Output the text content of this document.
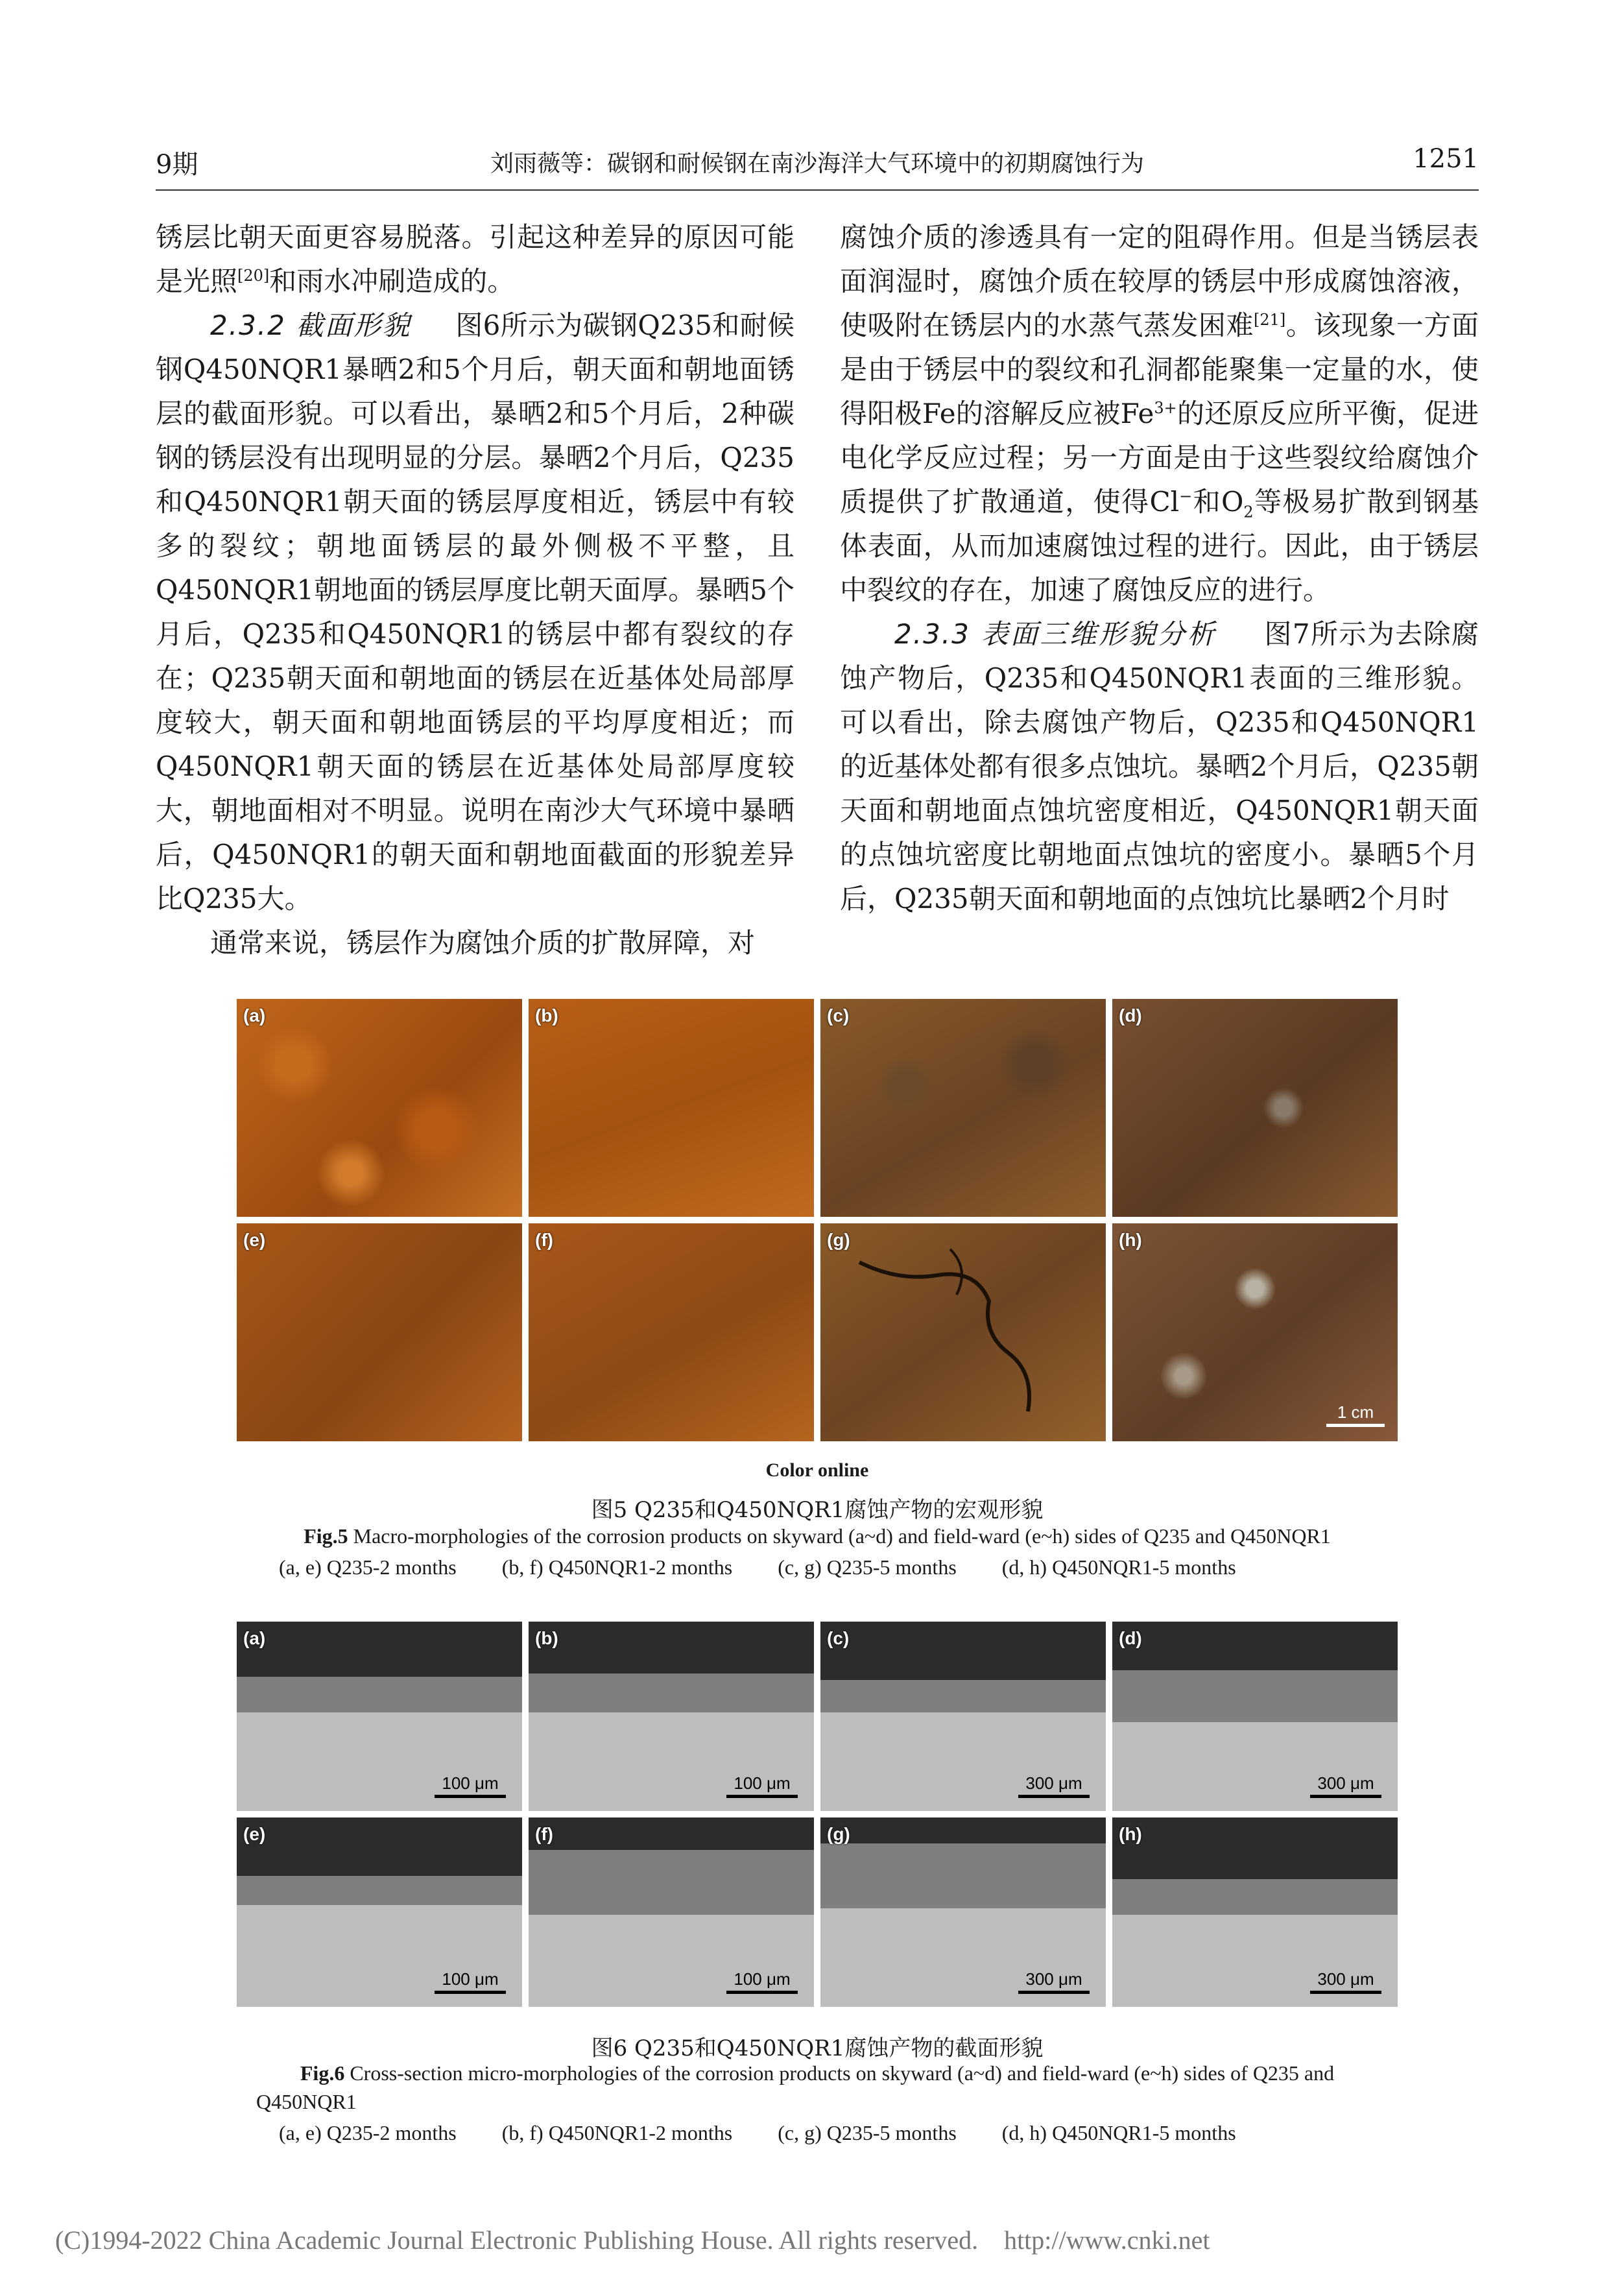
9期	刘雨薇等：碳钢和耐候钢在南沙海洋大气环境中的初期腐蚀行为	1251

锈层比朝天面更容易脱落。引起这种差异的原因可能是光照[20]和雨水冲刷造成的。

2.3.2 截面形貌 图6所示为碳钢Q235和耐候钢Q450NQR1暴晒2和5个月后，朝天面和朝地面锈层的截面形貌。可以看出，暴晒2和5个月后，2种碳钢的锈层没有出现明显的分层。暴晒2个月后，Q235和Q450NQR1朝天面的锈层厚度相近，锈层中有较多的裂纹；朝地面锈层的最外侧极不平整，且Q450NQR1朝地面的锈层厚度比朝天面厚。暴晒5个月后，Q235和Q450NQR1的锈层中都有裂纹的存在；Q235朝天面和朝地面的锈层在近基体处局部厚度较大，朝天面和朝地面锈层的平均厚度相近；而Q450NQR1朝天面的锈层在近基体处局部厚度较大，朝地面相对不明显。说明在南沙大气环境中暴晒后，Q450NQR1的朝天面和朝地面截面的形貌差异比Q235大。

通常来说，锈层作为腐蚀介质的扩散屏障，对

腐蚀介质的渗透具有一定的阻碍作用。但是当锈层表面润湿时，腐蚀介质在较厚的锈层中形成腐蚀溶液，使吸附在锈层内的水蒸气蒸发困难[21]。该现象一方面是由于锈层中的裂纹和孔洞都能聚集一定量的水，使得阳极Fe的溶解反应被$Fe^{3+}$的还原反应所平衡，促进电化学反应过程；另一方面是由于这些裂纹给腐蚀介质提供了扩散通道，使得Cl−和$O_2$等极易扩散到钢基体表面，从而加速腐蚀过程的进行。因此，由于锈层中裂纹的存在，加速了腐蚀反应的进行。

2.3.3 表面三维形貌分析 图7所示为去除腐蚀产物后，Q235和Q450NQR1表面的三维形貌。可以看出，除去腐蚀产物后，Q235和Q450NQR1的近基体处都有很多点蚀坑。暴晒2个月后，Q235朝天面和朝地面点蚀坑密度相近，Q450NQR1朝天面的点蚀坑密度比朝地面点蚀坑的密度小。暴晒5个月后，Q235朝天面和朝地面的点蚀坑比暴晒2个月时

(a)	(b)	(c)	(d)
(e)	(f)	(g)	(h)
1 cm
Color online
图5 Q235和Q450NQR1腐蚀产物的宏观形貌
Fig.5 Macro-morphologies of the corrosion products on skyward (a~d) and field-ward (e~h) sides of Q235 and Q450NQR1
(a, e) Q235-2 months (b, f) Q450NQR1-2 months (c, g) Q235-5 months (d, h) Q450NQR1-5 months
(a)
100 μm
(b)
100 μm
(c)
300 μm
(d)
300 μm
(e)
100 μm
(f)
100 μm
(g)
300 μm
(h)
300 μm
图6 Q235和Q450NQR1腐蚀产物的截面形貌
Fig.6 Cross-section micro-morphologies of the corrosion products on skyward (a~d) and field-ward (e~h) sides of Q235 and
Q450NQR1
(a, e) Q235-2 months (b, f) Q450NQR1-2 months (c, g) Q235-5 months (d, h) Q450NQR1-5 months
(C)1994-2022 China Academic Journal Electronic Publishing House. All rights reserved.    http://www.cnki.net
